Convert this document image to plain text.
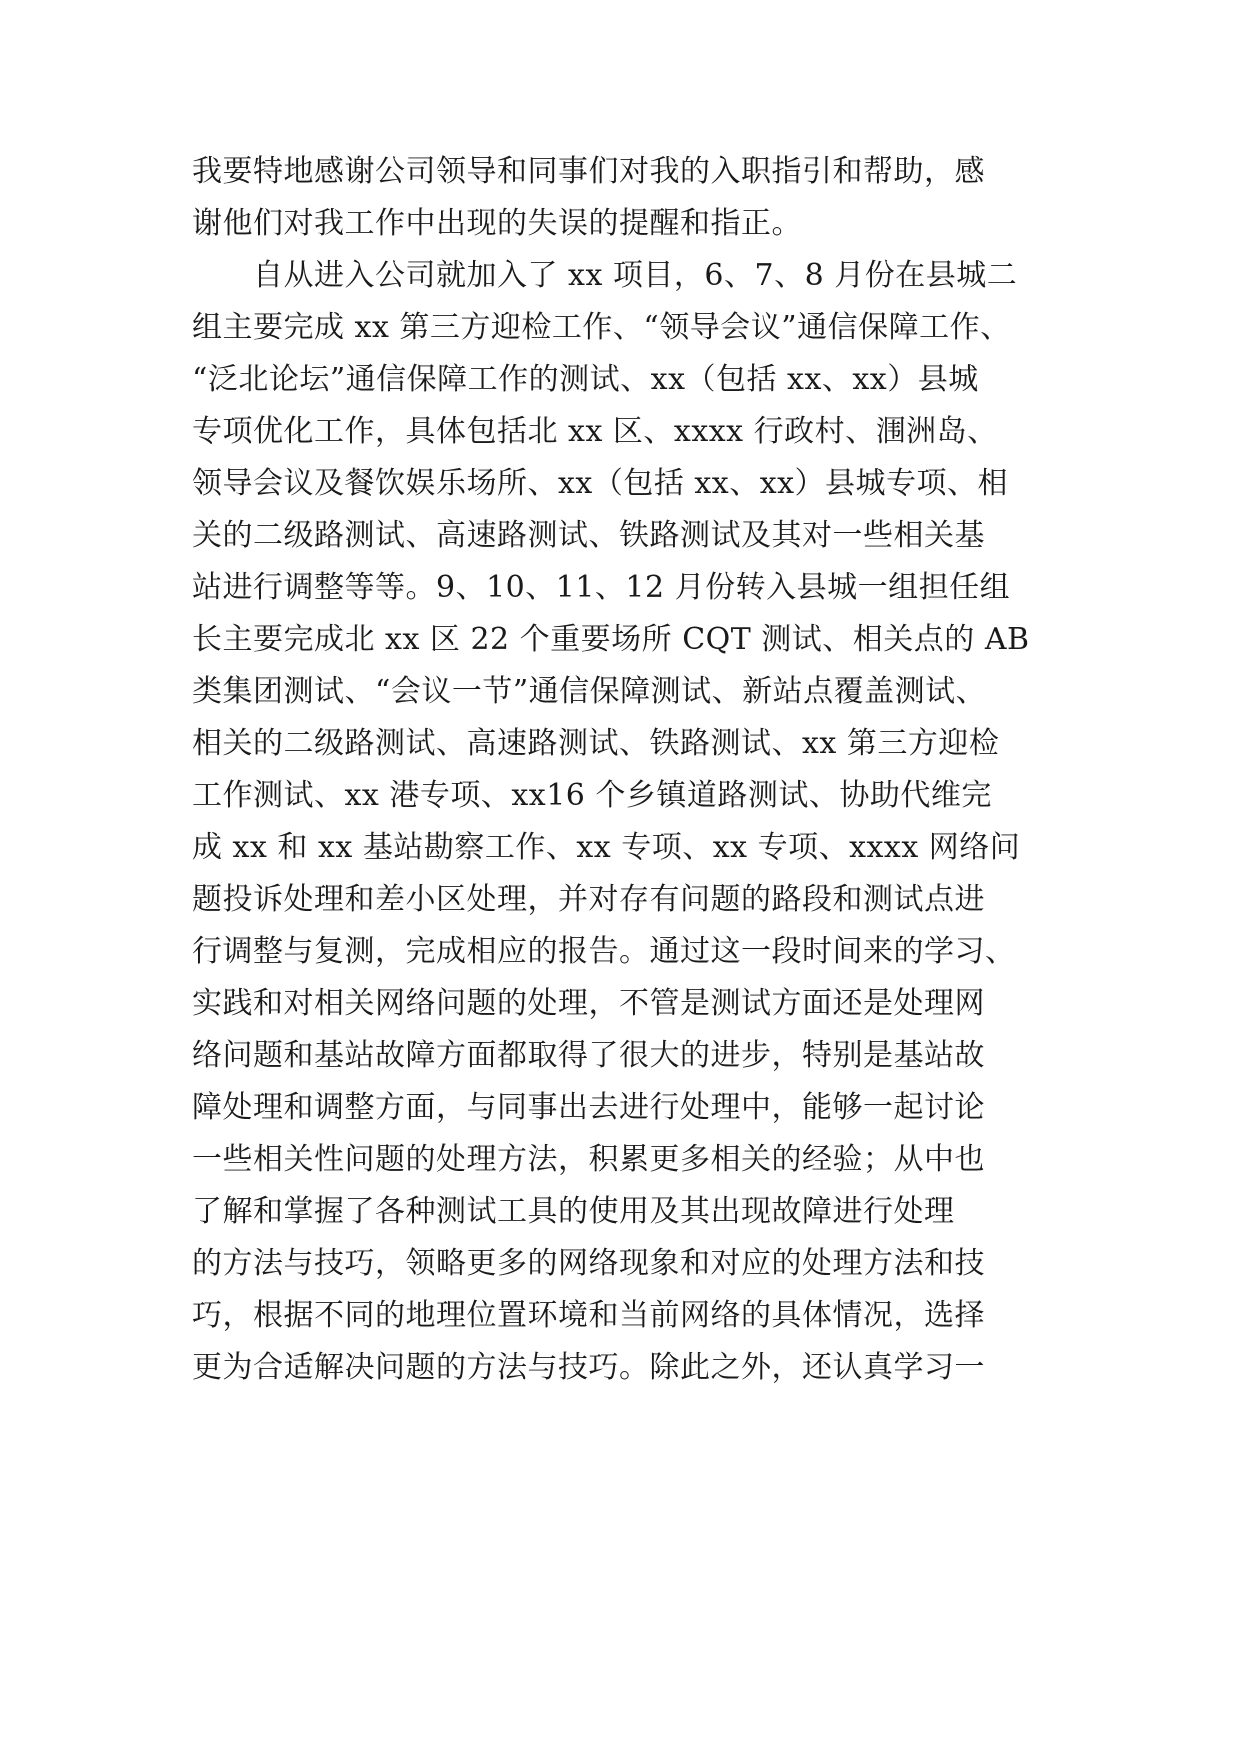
我要特地感谢公司领导和同事们对我的入职指引和帮助，感
谢他们对我工作中出现的失误的提醒和指正。
　　自从进入公司就加入了 xx 项目，6、7、8 月份在县城二
组主要完成 xx 第三方迎检工作、“领导会议”通信保障工作、
“泛北论坛”通信保障工作的测试、xx（包括 xx、xx）县城
专项优化工作，具体包括北 xx 区、xxxx 行政村、涠洲岛、
领导会议及餐饮娱乐场所、xx（包括 xx、xx）县城专项、相
关的二级路测试、高速路测试、铁路测试及其对一些相关基
站进行调整等等。9、10、11、12 月份转入县城一组担任组
长主要完成北 xx 区 22 个重要场所 CQT 测试、相关点的 AB
类集团测试、“会议一节”通信保障测试、新站点覆盖测试、
相关的二级路测试、高速路测试、铁路测试、xx 第三方迎检
工作测试、xx 港专项、xx16 个乡镇道路测试、协助代维完
成 xx 和 xx 基站勘察工作、xx 专项、xx 专项、xxxx 网络问
题投诉处理和差小区处理，并对存有问题的路段和测试点进
行调整与复测，完成相应的报告。通过这一段时间来的学习、
实践和对相关网络问题的处理，不管是测试方面还是处理网
络问题和基站故障方面都取得了很大的进步，特别是基站故
障处理和调整方面，与同事出去进行处理中，能够一起讨论
一些相关性问题的处理方法，积累更多相关的经验；从中也
了解和掌握了各种测试工具的使用及其出现故障进行处理
的方法与技巧，领略更多的网络现象和对应的处理方法和技
巧，根据不同的地理位置环境和当前网络的具体情况，选择
更为合适解决问题的方法与技巧。除此之外，还认真学习一
